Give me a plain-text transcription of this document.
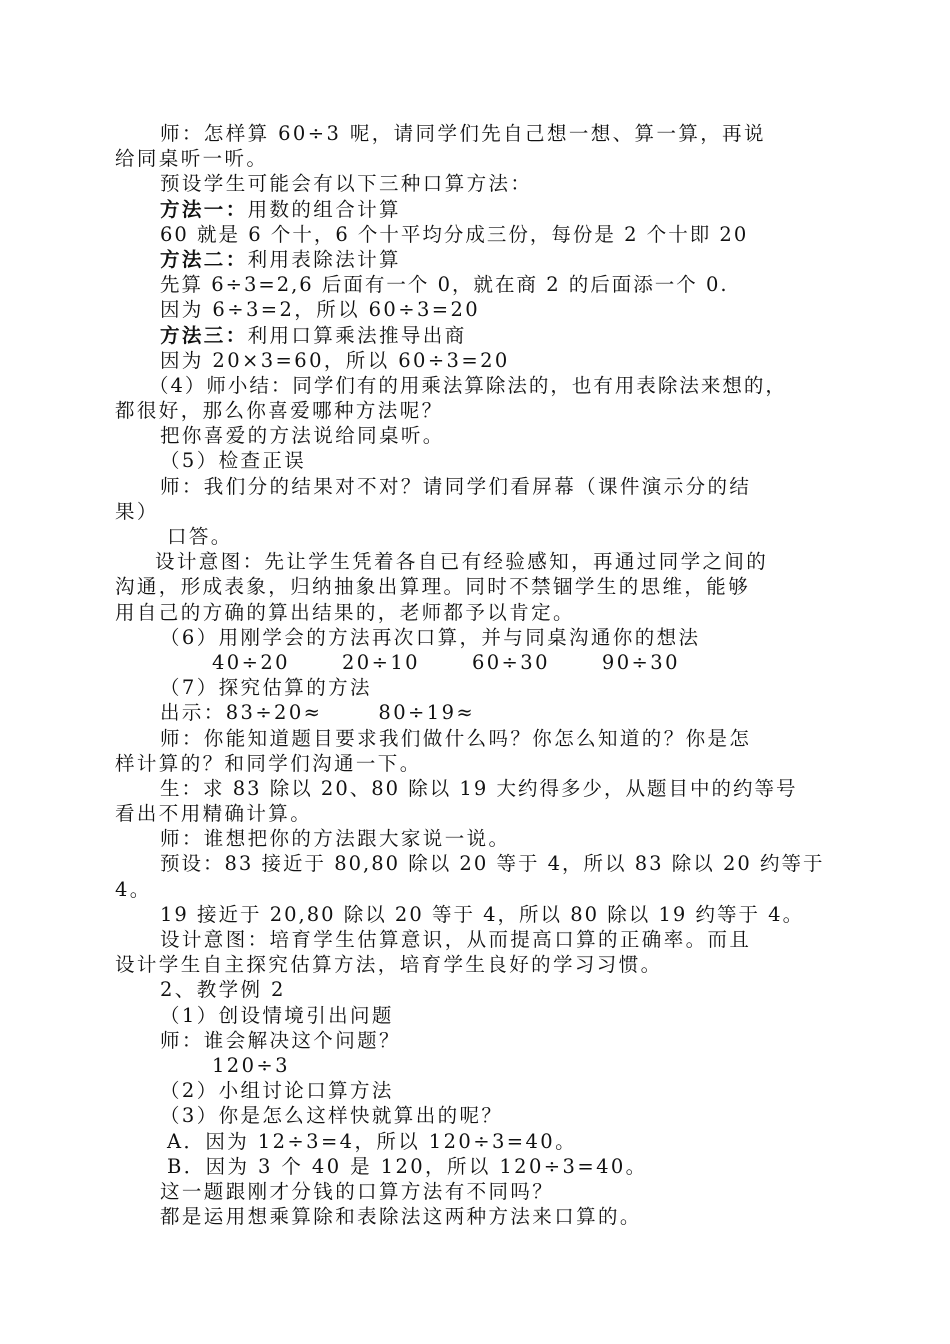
师：怎样算 60÷3 呢，请同学们先自己想一想、算一算，再说
给同桌听一听。
预设学生可能会有以下三种口算方法：
方法一：用数的组合计算
60 就是 6 个十，6 个十平均分成三份，每份是 2 个十即 20
方法二：利用表除法计算
先算 6÷3=2,6 后面有一个 0，就在商 2 的后面添一个 0.
因为 6÷3=2，所以 60÷3=20
方法三：利用口算乘法推导出商
因为 20×3=60，所以 60÷3=20
（4）师小结：同学们有的用乘法算除法的，也有用表除法来想的，
都很好，那么你喜爱哪种方法呢？
把你喜爱的方法说给同桌听。
（5）检查正误
师：我们分的结果对不对？请同学们看屏幕（课件演示分的结
果）
口答。
设计意图：先让学生凭着各自已有经验感知，再通过同学之间的
沟通，形成表象，归纳抽象出算理。同时不禁锢学生的思维，能够
用自己的方确的算出结果的，老师都予以肯定。
（6）用刚学会的方法再次口算，并与同桌沟通你的想法
40÷20	20÷10	60÷30	90÷30
（7）探究估算的方法
出示：83÷20≈	80÷19≈
师：你能知道题目要求我们做什么吗？你怎么知道的？你是怎
样计算的？和同学们沟通一下。
生：求 83 除以 20、80 除以 19 大约得多少，从题目中的约等号
看出不用精确计算。
师：谁想把你的方法跟大家说一说。
预设：83 接近于 80,80 除以 20 等于 4，所以 83 除以 20 约等于
4。
19 接近于 20,80 除以 20 等于 4，所以 80 除以 19 约等于 4。
设计意图：培育学生估算意识，从而提高口算的正确率。而且
设计学生自主探究估算方法，培育学生良好的学习习惯。
2、教学例 2
（1）创设情境引出问题
师：谁会解决这个问题？
120÷3
（2）小组讨论口算方法
（3）你是怎么这样快就算出的呢？
A．因为 12÷3=4，所以 120÷3=40。
B．因为 3 个 40 是 120，所以 120÷3=40。
这一题跟刚才分钱的口算方法有不同吗？
都是运用想乘算除和表除法这两种方法来口算的。
